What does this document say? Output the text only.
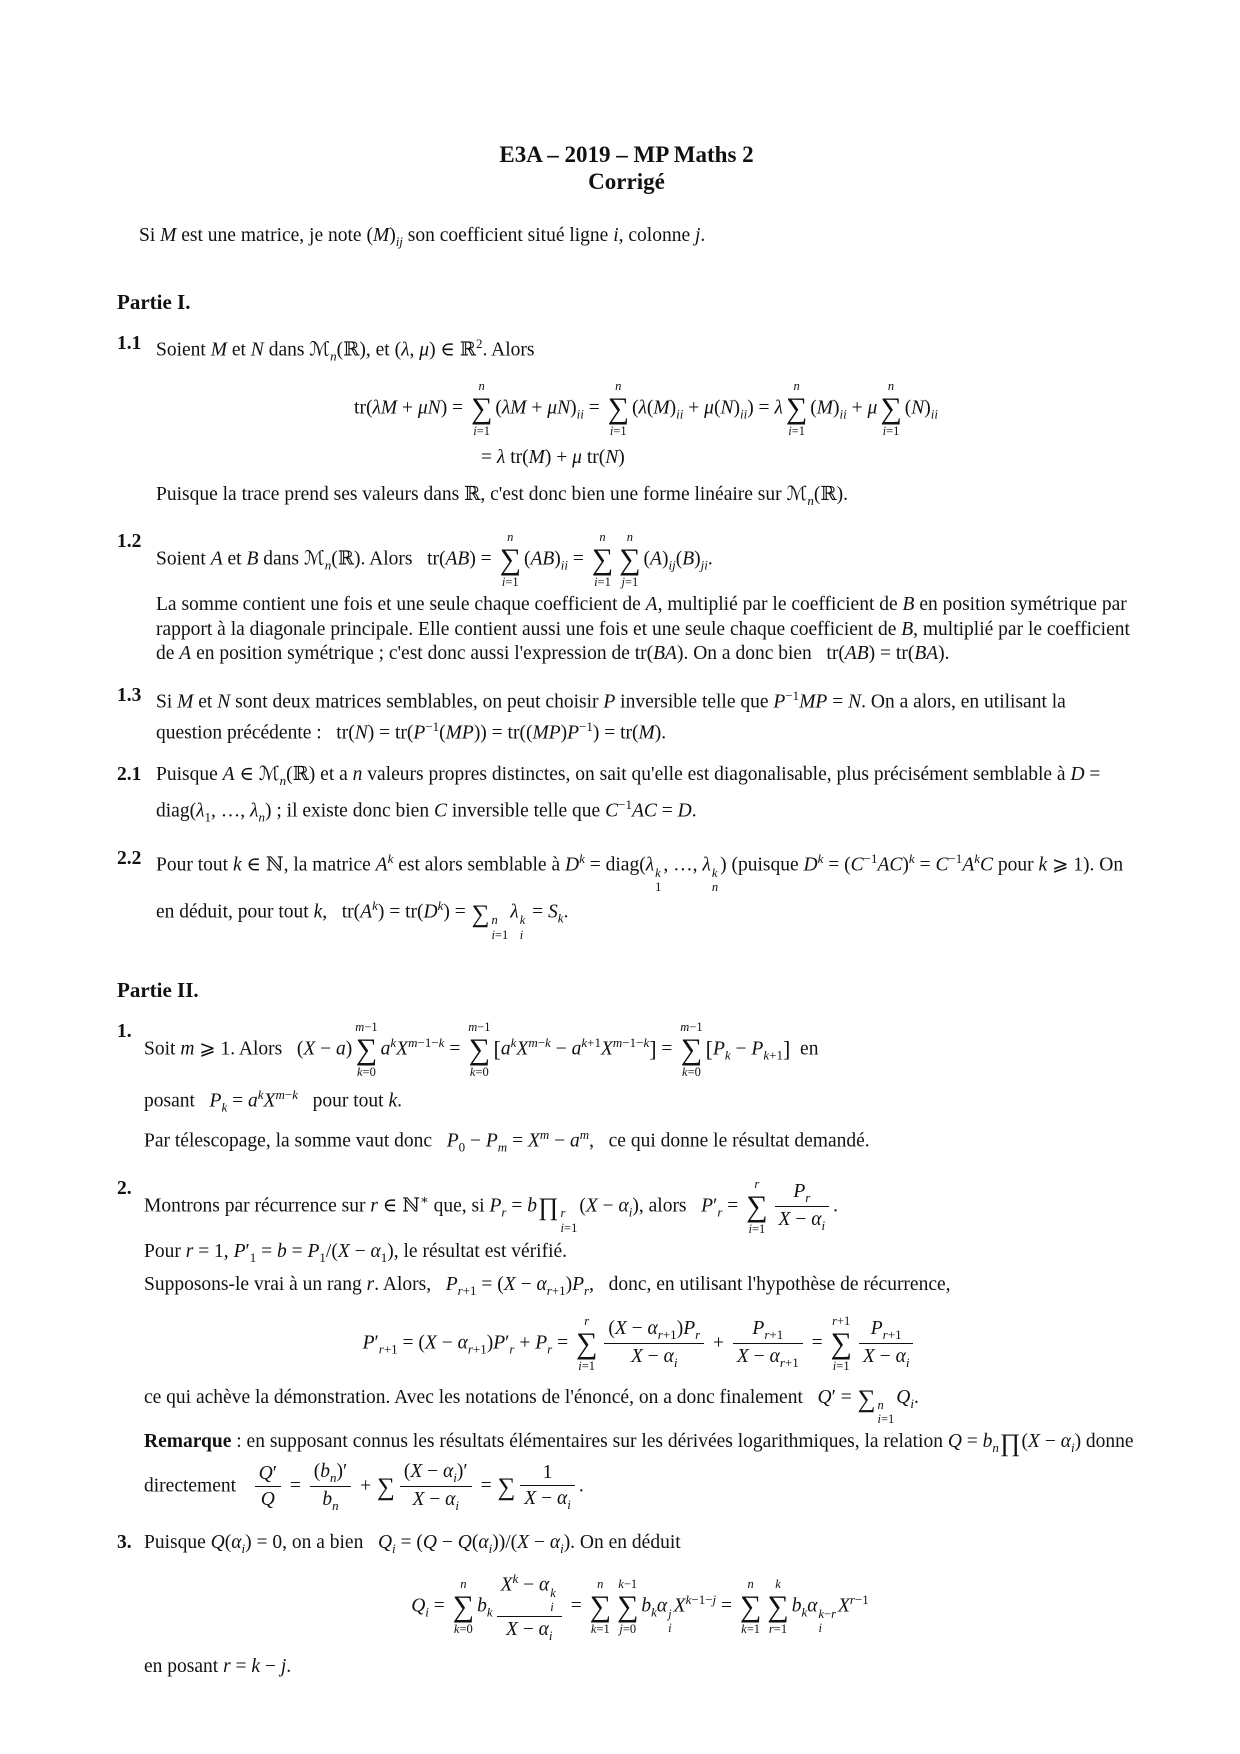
E3A – 2019 – MP Maths 2
Corrigé

Si M est une matrice, je note $(M)_{ij}$ son coefficient situé ligne i, colonne j.

Partie I.
1.1 Soient M et N dans ℳ$_n$(ℝ), et (λ, μ) ∈ ℝ$^2$. Alors

tr(λM + μN) =
n
∑
i=1
$(\lambda M + \mu N)_{ii}$ =
n
∑
i=1
$(\lambda(M)_{ii} + \mu(N)_{ii}) = \lambda$
n
∑
i=1
$(M)_{ii} + \mu$
n
∑
i=1
$(N)_{ii}$
= λ tr(M) + μ tr(N)

Puisque la trace prend ses valeurs dans ℝ, c'est donc bien une forme linéaire sur ℳ$_n$(ℝ).

1.2

Soient A et B dans ℳ$_n$(ℝ). Alors   tr(AB) =
n
∑
i=1
$(AB)_{ii}$ =
n
∑
i=1
n
∑
j=1
$(A)_{ij}(B)_{ji}$.

La somme contient une fois et une seule chaque coefficient de A, multiplié par le coefficient de B en position symétrique par rapport à la diagonale principale. Elle contient aussi une fois et une seule chaque coefficient de B, multiplié par le coefficient de A en position symétrique ; c'est donc aussi l'expression de tr(BA). On a donc bien   tr(AB) = tr(BA).

1.3 Si M et N sont deux matrices semblables, on peut choisir P inversible telle que $P^{-1}MP = N$. On a alors, en utilisant la question précédente :   $tr(N) = tr(P^{-1}(MP)) = tr((MP)P^{-1}) = tr(M)$.

2.1 Puisque A ∈ ℳ$_n$(ℝ) et a n valeurs propres distinctes, on sait qu'elle est diagonalisable, plus précisément semblable à $D = diag(\lambda_1$, …, $\lambda_n$) ; il existe donc bien C inversible telle que $C^{-1}AC = D$.

2.2 Pour tout k ∈ ℕ, la matrice $A^k$ est alors semblable à $D^k$ = diag(λ k
1
, …, λ k
n
) (puisque $D^k = (C^{-1}AC)^k = C^{-1}A^kC$ pour k ⩾ 1). On en déduit, pour tout k,   $tr(A^k) = tr(D^k)$ = ∑ n
i=1
λ k
i
= $S_k$.

Partie II.
1.

Soit m ⩾ 1. Alors   (X − a)
m−1
∑
k=0
$a^kX^{m-1-k}$ =
m−1
∑
k=0
$[a^kX^{m-k} - a^{k+1}X^{m-1-k}]$ =
m−1
∑
k=0
$[P_k - P_{k+1}]$  en

posant   $P_k = a^kX^{m-k}$   pour tout k.

Par télescopage, la somme vaut donc   $P_0 - P_m = X^m - a^m$,   ce qui donne le résultat demandé.

2.

Montrons par récurrence sur r ∈ ℕ∗ que, si $P_r$ = b∏ r
i=1
$(X - \alpha_i)$, alors   $P'_r$ =
r
∑
$i=1 \frac{P_r}{X - \alpha_i}$ .

Pour r = 1, $P'_1 = b = P_1/(X - \alpha_1)$, le résultat est vérifié.

Supposons-le vrai à un rang r. Alors,   $P_{r+1} = (X - \alpha_{r+1})P_r$,   donc, en utilisant l'hypothèse de récurrence,

$P'_{r+1} = (X - \alpha_{r+1})P'_r + P_r$ =
r
∑
$i=1 \frac{(X - \alpha_{r+1})P_r}{X - \alpha_i} + \frac{P_{r+1}}{X - \alpha_{r+1}}$ =
r+1
∑
$i=1 \frac{P_{r+1}}{X - \alpha_i}$

ce qui achève la démonstration. Avec les notations de l'énoncé, on a donc finalement   Q′ = ∑ n
i=1
$Q_i$.

Remarque : en supposant connus les résultats élémentaires sur les dérivées logarithmiques, la relation $Q = b_n\prod(X - \alpha_i)$ donne directement $\frac{Q'}{Q} = \frac{(b_n)'}{b_n}$ + ∑ $\frac{(X - \alpha_i)'}{X - \alpha_i}$ = ∑ $\frac{1}{X - \alpha_i}$ .

3. Puisque $Q(\alpha_i) = 0$, on a bien   $Q_i = (Q - Q(\alpha_i))/(X - \alpha_i)$. On en déduit

$Q_i$ =
n
∑
k=0
$b_k$
$X^k - \alpha$ k
i
$X - \alpha_i$
=
n
∑
k=1
k−1
∑
j=0
$b_k\alpha$ j
i
$X^{k-1-j}$ =
n
∑
k=1
k
∑
r=1
$b_k\alpha$ k−r
i
$X^{r-1}$

en posant r = k − j.
